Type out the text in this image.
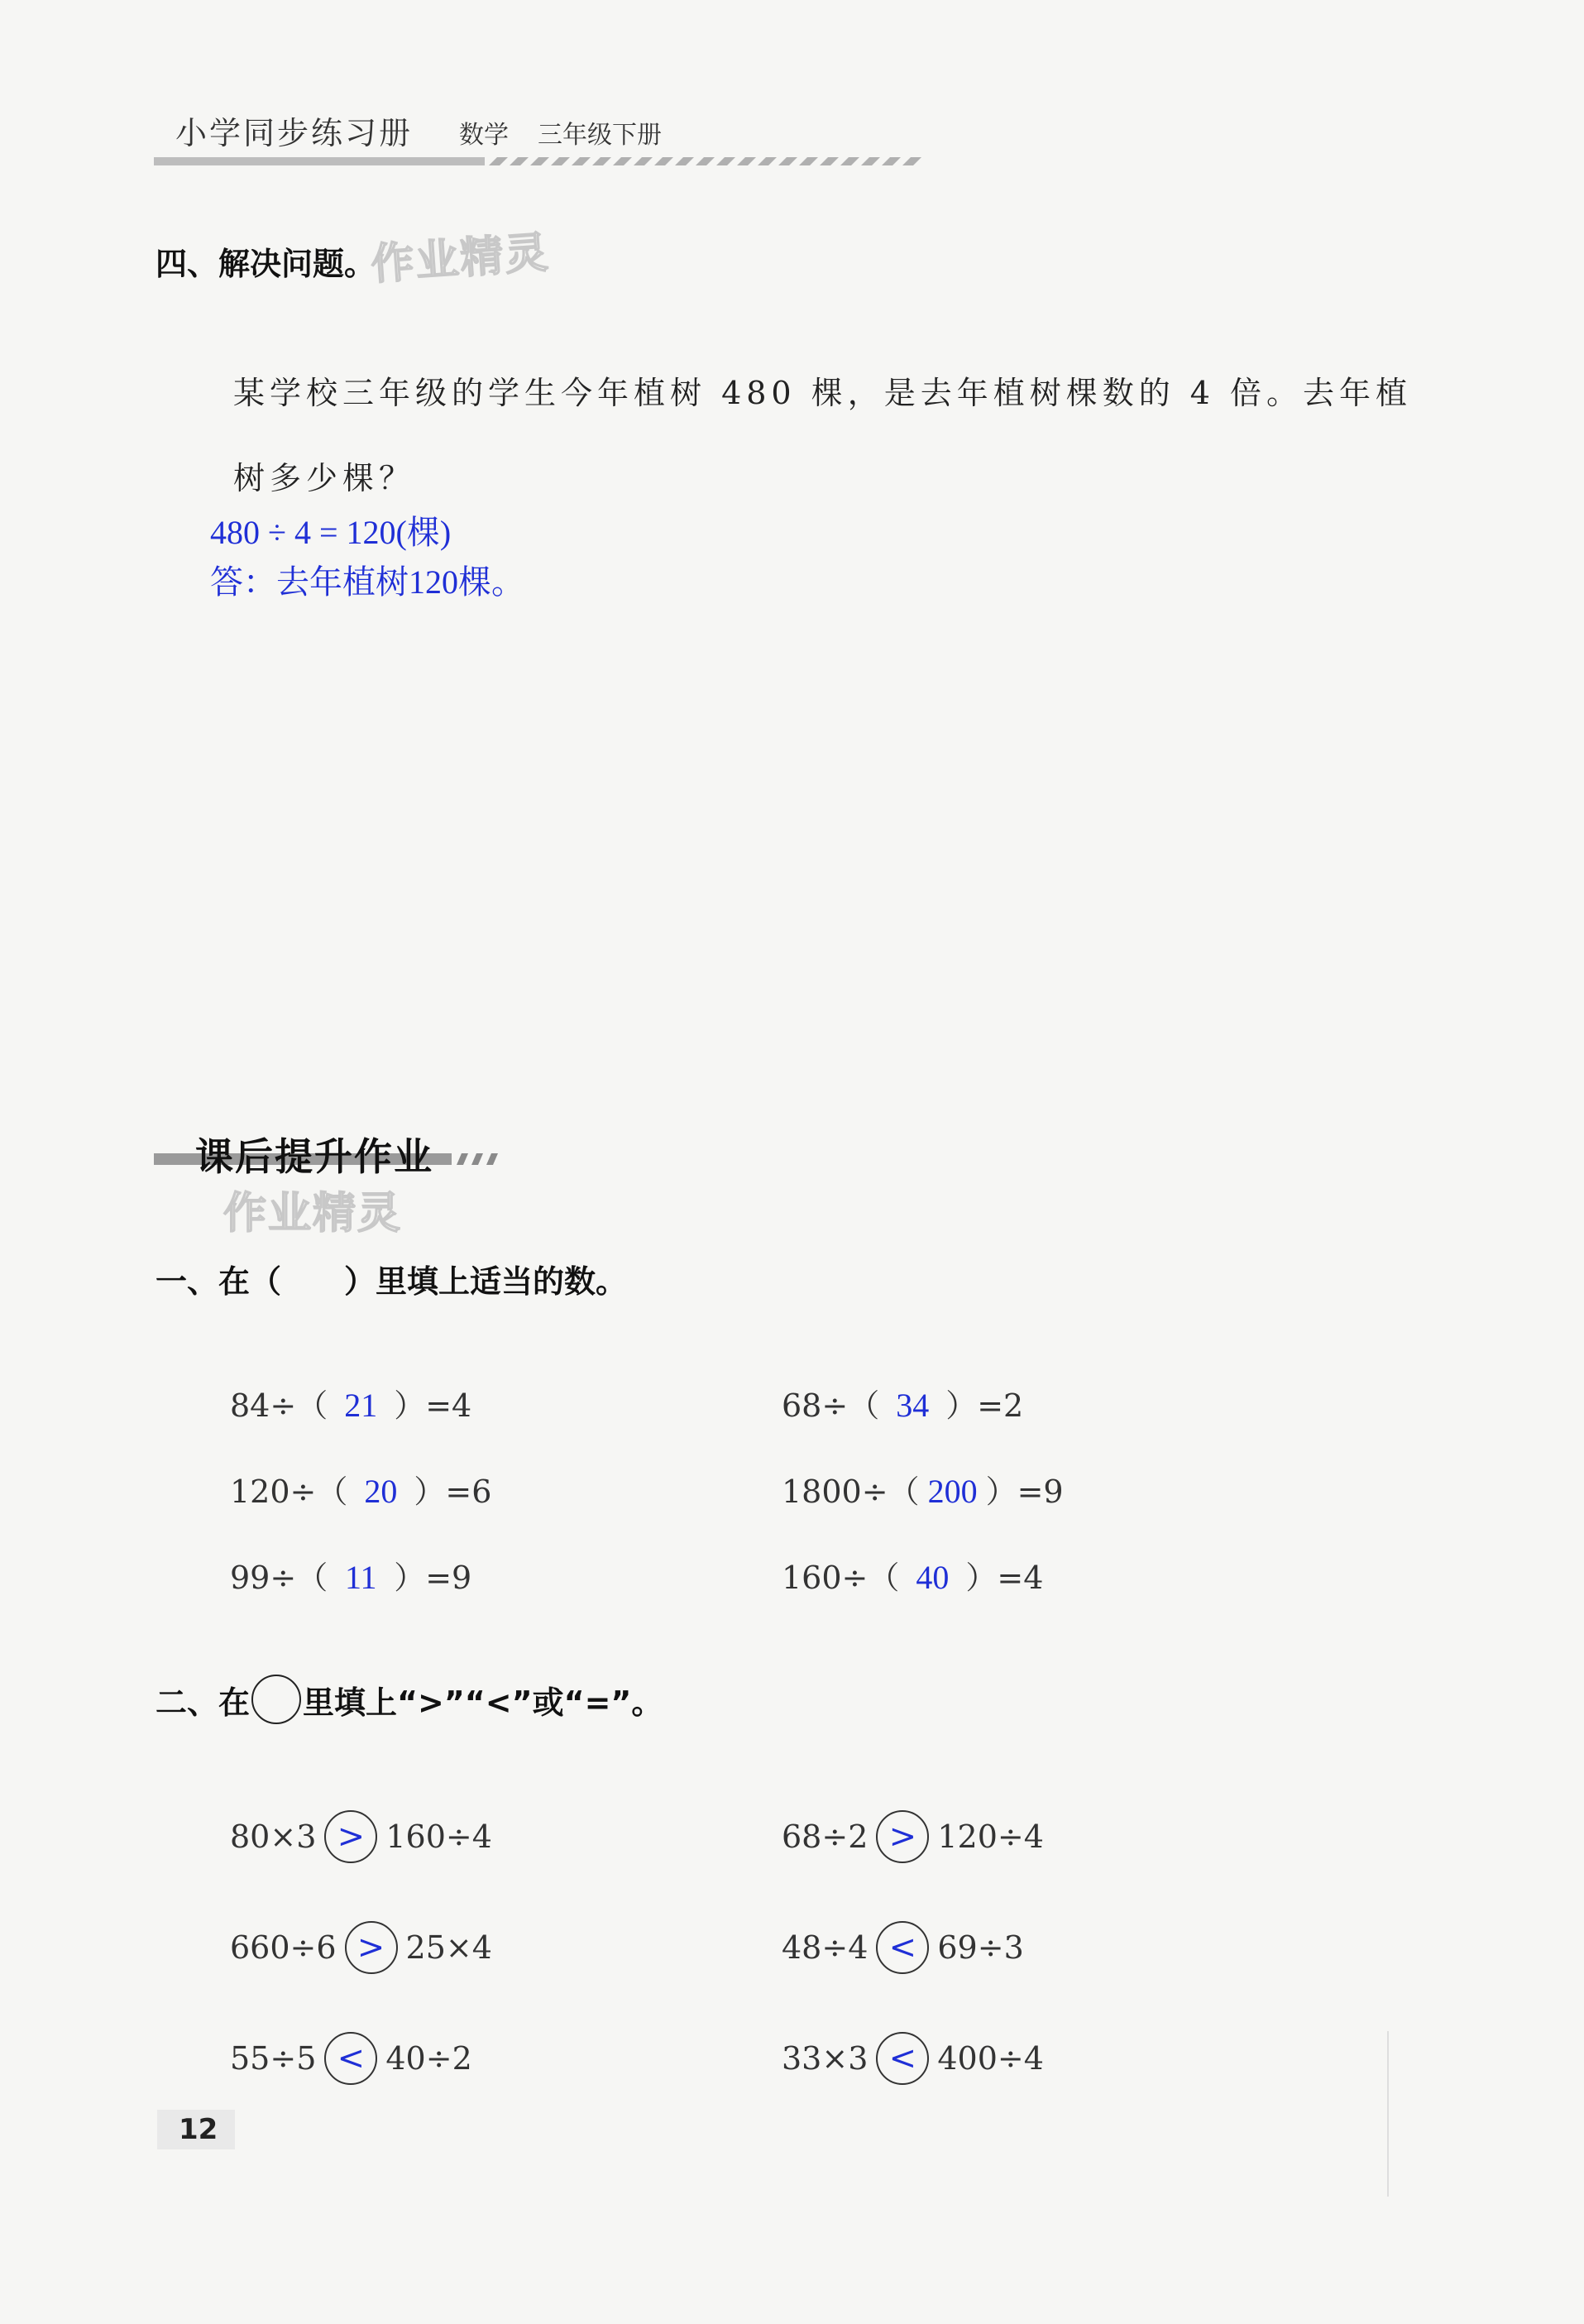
小学同步练习册 数学 三年级下册
四、解决问题。
作业精灵
某学校三年级的学生今年植树 480 棵，是去年植树棵数的 4 倍。去年植
树多少棵？
480 ÷ 4 = 120(棵)
答：去年植树120棵。
课后提升作业
作业精灵
一、在（　　）里填上适当的数。
84÷（ 21 ）=4	68÷（ 34 ）=2
120÷（ 20 ）=6	1800÷（ 200 ）=9
99÷（ 11 ）=9	160÷（ 40 ）=4
二、在 里填上“>”“<”或“=”。
80×3 > 160÷4	68÷2 > 120÷4
660÷6 > 25×4	48÷4 < 69÷3
55÷5 < 40÷2	33×3 < 400÷4
12
